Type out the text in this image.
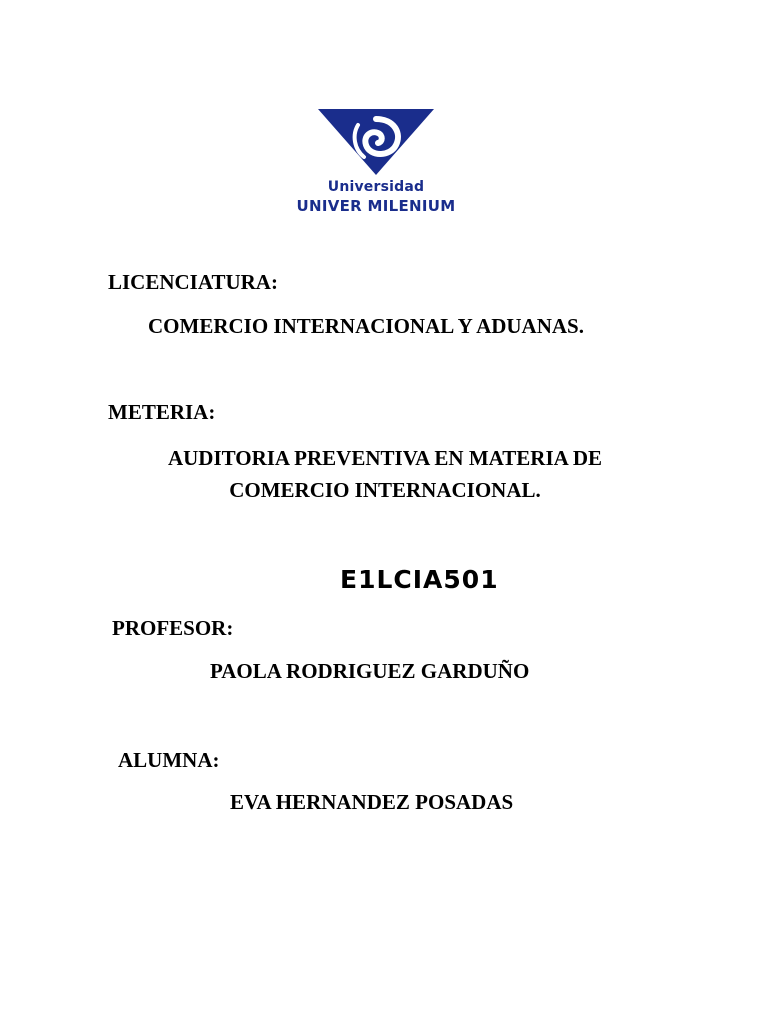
Universidad
UNIVER MILENIUM
LICENCIATURA:
COMERCIO INTERNACIONAL Y ADUANAS.
METERIA:
AUDITORIA PREVENTIVA EN MATERIA DE
COMERCIO INTERNACIONAL.
E1LCIA501
PROFESOR:
PAOLA RODRIGUEZ GARDUÑO
ALUMNA:
EVA HERNANDEZ POSADAS
